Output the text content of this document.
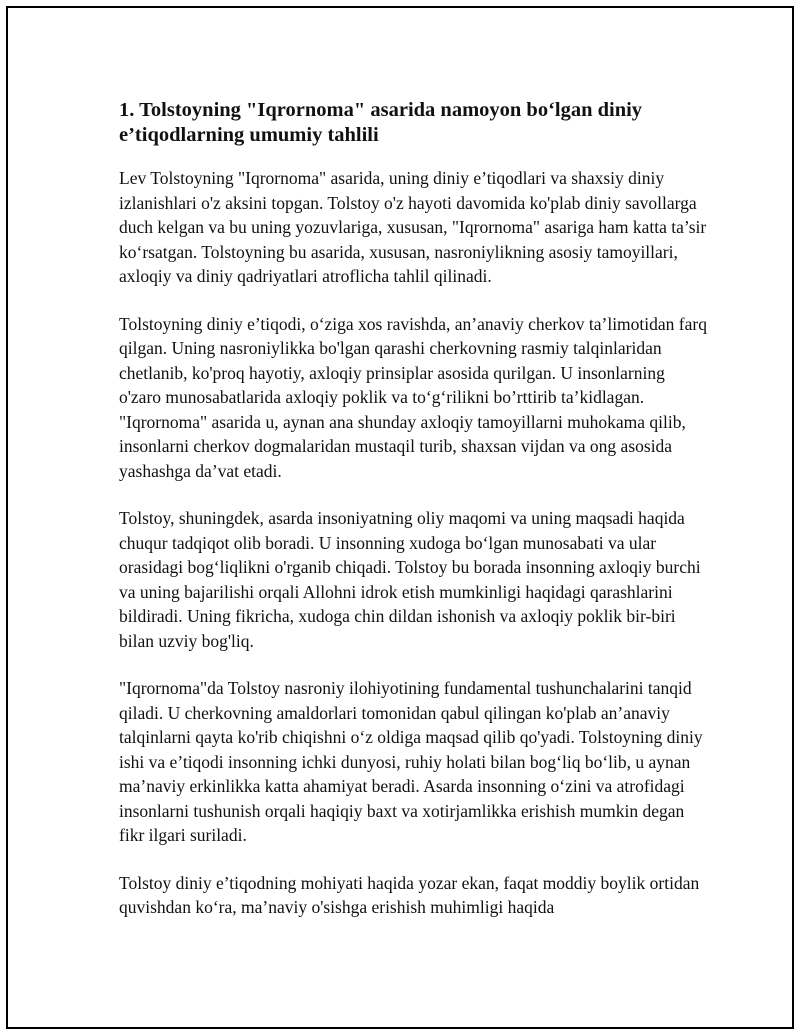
1. Tolstoyning "Iqrornoma" asarida namoyon bo‘lgan diniy e’tiqodlarning umumiy tahlili

Lev Tolstoyning "Iqrornoma" asarida, uning diniy e’tiqodlari va shaxsiy diniy izlanishlari o'z aksini topgan. Tolstoy o'z hayoti davomida ko'plab diniy savollarga duch kelgan va bu uning yozuvlariga, xususan, "Iqrornoma" asariga ham katta ta’sir ko‘rsatgan. Tolstoyning bu asarida, xususan, nasroniylikning asosiy tamoyillari, axloqiy va diniy qadriyatlari atroflicha tahlil qilinadi.

Tolstoyning diniy e’tiqodi, o‘ziga xos ravishda, an’anaviy cherkov ta’limotidan farq qilgan. Uning nasroniylikka bo'lgan qarashi cherkovning rasmiy talqinlaridan chetlanib, ko'proq hayotiy, axloqiy prinsiplar asosida qurilgan. U insonlarning o'zaro munosabatlarida axloqiy poklik va to‘g‘rilikni bo’rttirib ta’kidlagan. "Iqrornoma" asarida u, aynan ana shunday axloqiy tamoyillarni muhokama qilib, insonlarni cherkov dogmalaridan mustaqil turib, shaxsan vijdan va ong asosida yashashga da’vat etadi.

Tolstoy, shuningdek, asarda insoniyatning oliy maqomi va uning maqsadi haqida chuqur tadqiqot olib boradi. U insonning xudoga bo‘lgan munosabati va ular orasidagi bog‘liqlikni o'rganib chiqadi. Tolstoy bu borada insonning axloqiy burchi va uning bajarilishi orqali Allohni idrok etish mumkinligi haqidagi qarashlarini bildiradi. Uning fikricha, xudoga chin dildan ishonish va axloqiy poklik bir-biri bilan uzviy bog'liq.

"Iqrornoma"da Tolstoy nasroniy ilohiyotining fundamental tushunchalarini tanqid qiladi. U cherkovning amaldorlari tomonidan qabul qilingan ko'plab an’anaviy talqinlarni qayta ko'rib chiqishni o‘z oldiga maqsad qilib qo'yadi. Tolstoyning diniy ishi va e’tiqodi insonning ichki dunyosi, ruhiy holati bilan bog‘liq bo‘lib, u aynan ma’naviy erkinlikka katta ahamiyat beradi. Asarda insonning o‘zini va atrofidagi insonlarni tushunish orqali haqiqiy baxt va xotirjamlikka erishish mumkin degan fikr ilgari suriladi.

Tolstoy diniy e’tiqodning mohiyati haqida yozar ekan, faqat moddiy boylik ortidan quvishdan ko‘ra, ma’naviy o'sishga erishish muhimligi haqida
